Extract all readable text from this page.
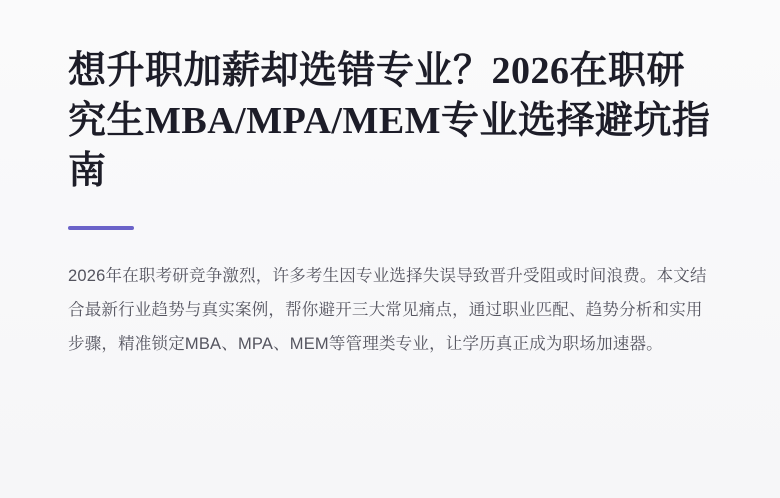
想升职加薪却选错专业？2026在职研究生MBA/MPA/MEM专业选择避坑指南

2026年在职考研竞争激烈，许多考生因专业选择失误导致晋升受阻或时间浪费。本文结合最新行业趋势与真实案例，帮你避开三大常见痛点，通过职业匹配、趋势分析和实用步骤，精准锁定MBA、MPA、MEM等管理类专业，让学历真正成为职场加速器。
